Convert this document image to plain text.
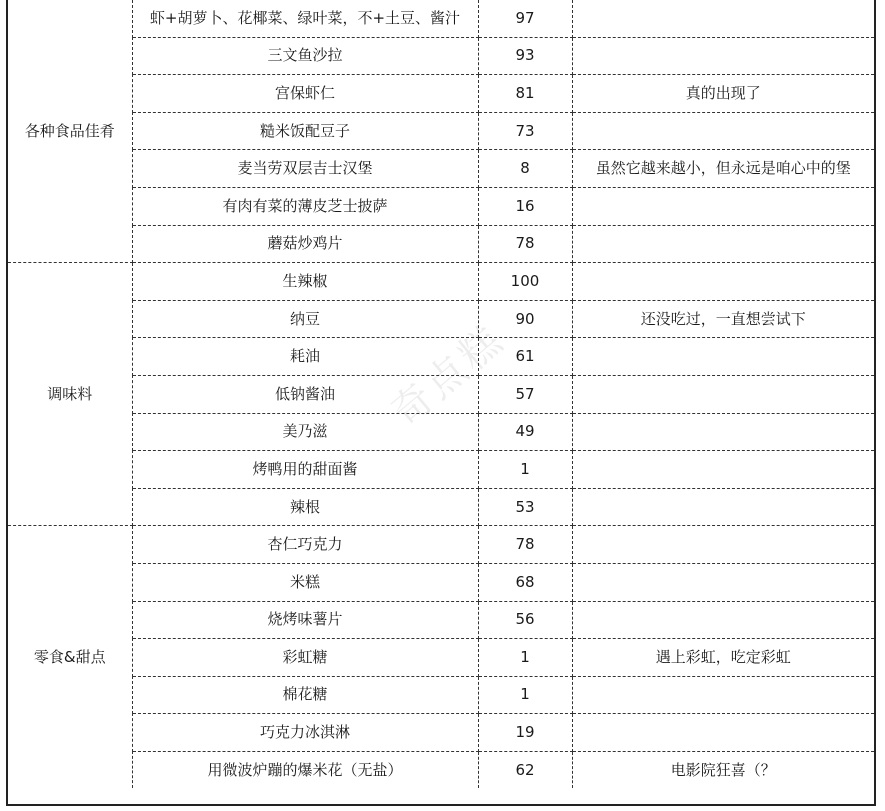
各种食品佳肴	虾+胡萝卜、花椰菜、绿叶菜，不+土豆、酱汁	97	
	三文鱼沙拉	93	
	宫保虾仁	81	真的出现了
	糙米饭配豆子	73	
	麦当劳双层吉士汉堡	8	虽然它越来越小，但永远是咱心中的堡
	有肉有菜的薄皮芝士披萨	16	
	蘑菇炒鸡片	78	
调味料	生辣椒	100	
	纳豆	90	还没吃过，一直想尝试下
	耗油	61	
	低钠酱油	57	
	美乃滋	49	
	烤鸭用的甜面酱	1	
	辣根	53	
零食&甜点	杏仁巧克力	78	
	米糕	68	
	烧烤味薯片	56	
	彩虹糖	1	遇上彩虹，吃定彩虹
	棉花糖	1	
	巧克力冰淇淋	19	
	用微波炉蹦的爆米花（无盐）	62	电影院狂喜（？
奇点糕
